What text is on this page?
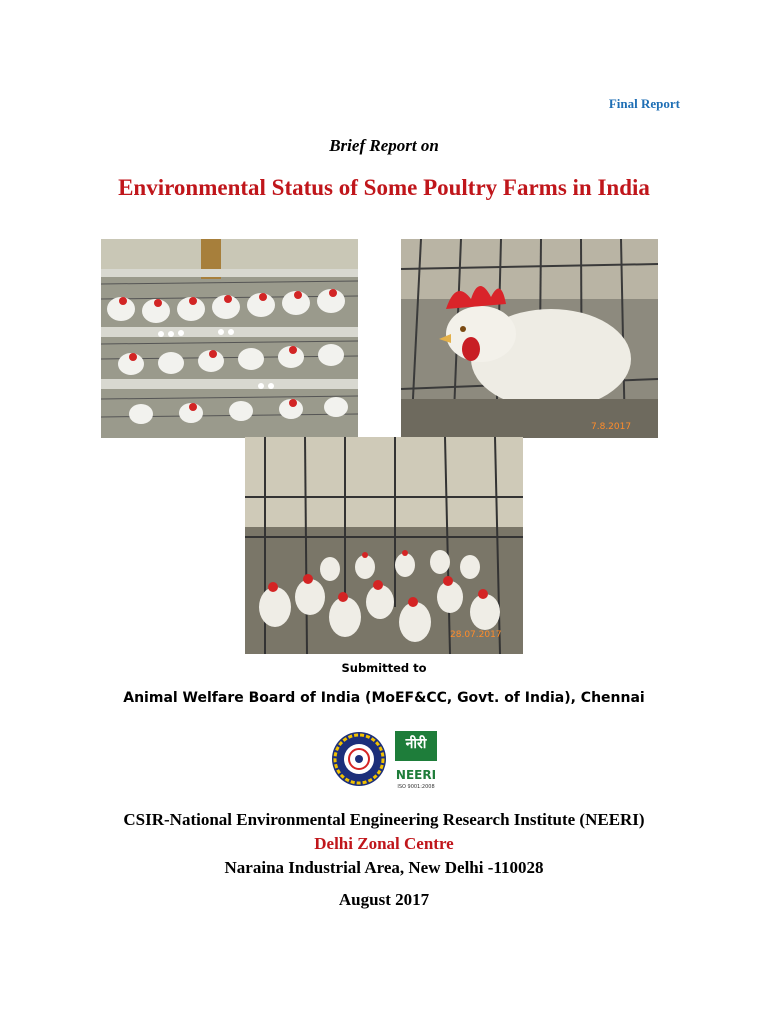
Final Report
Brief Report on
Environmental Status of Some Poultry Farms in India
7.8.2017
28.07.2017
Submitted to
Animal Welfare Board of India (MoEF&CC, Govt. of India), Chennai
नीरी
NEERI
ISO 9001:2008
CSIR-National Environmental Engineering Research Institute (NEERI)
Delhi Zonal Centre
Naraina Industrial Area, New Delhi -110028
August 2017
